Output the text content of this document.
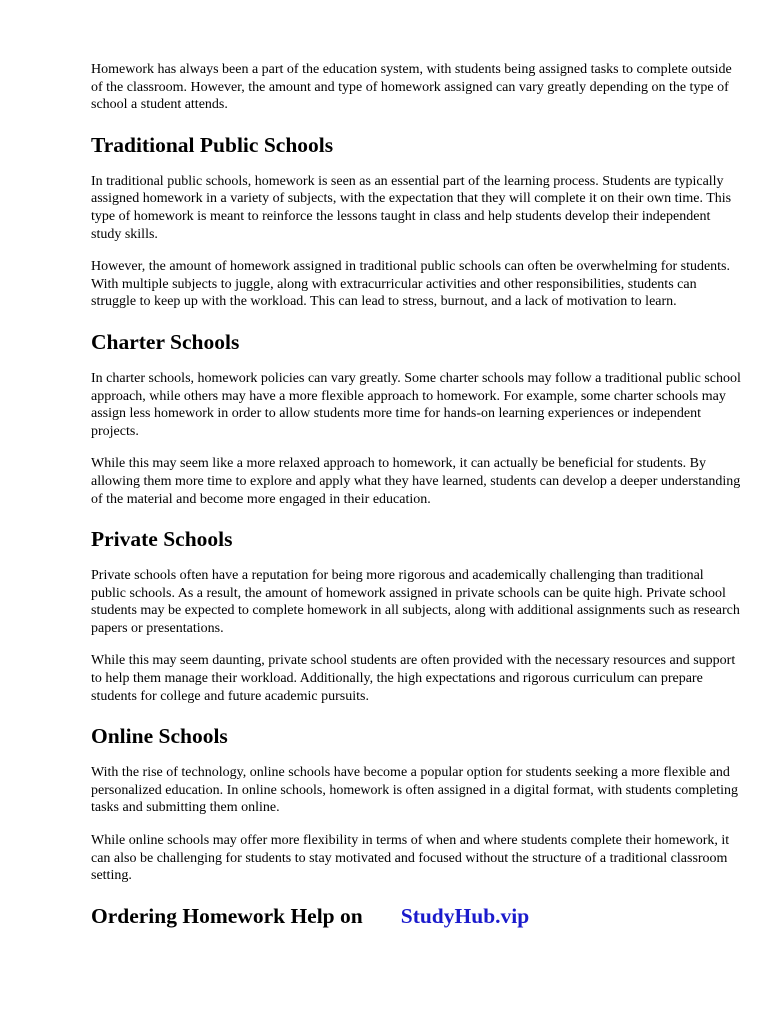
Homework has always been a part of the education system, with students being assigned tasks to complete outside of the classroom. However, the amount and type of homework assigned can vary greatly depending on the type of school a student attends.

Traditional Public Schools

In traditional public schools, homework is seen as an essential part of the learning process. Students are typically assigned homework in a variety of subjects, with the expectation that they will complete it on their own time. This type of homework is meant to reinforce the lessons taught in class and help students develop their independent study skills.

However, the amount of homework assigned in traditional public schools can often be overwhelming for students. With multiple subjects to juggle, along with extracurricular activities and other responsibilities, students can struggle to keep up with the workload. This can lead to stress, burnout, and a lack of motivation to learn.

Charter Schools

In charter schools, homework policies can vary greatly. Some charter schools may follow a traditional public school approach, while others may have a more flexible approach to homework. For example, some charter schools may assign less homework in order to allow students more time for hands-on learning experiences or independent projects.

While this may seem like a more relaxed approach to homework, it can actually be beneficial for students. By allowing them more time to explore and apply what they have learned, students can develop a deeper understanding of the material and become more engaged in their education.

Private Schools

Private schools often have a reputation for being more rigorous and academically challenging than traditional public schools. As a result, the amount of homework assigned in private schools can be quite high. Private school students may be expected to complete homework in all subjects, along with additional assignments such as research papers or presentations.

While this may seem daunting, private school students are often provided with the necessary resources and support to help them manage their workload. Additionally, the high expectations and rigorous curriculum can prepare students for college and future academic pursuits.

Online Schools

With the rise of technology, online schools have become a popular option for students seeking a more flexible and personalized education. In online schools, homework is often assigned in a digital format, with students completing tasks and submitting them online.

While online schools may offer more flexibility in terms of when and where students complete their homework, it can also be challenging for students to stay motivated and focused without the structure of a traditional classroom setting.

Ordering Homework Help on StudyHub.vip
